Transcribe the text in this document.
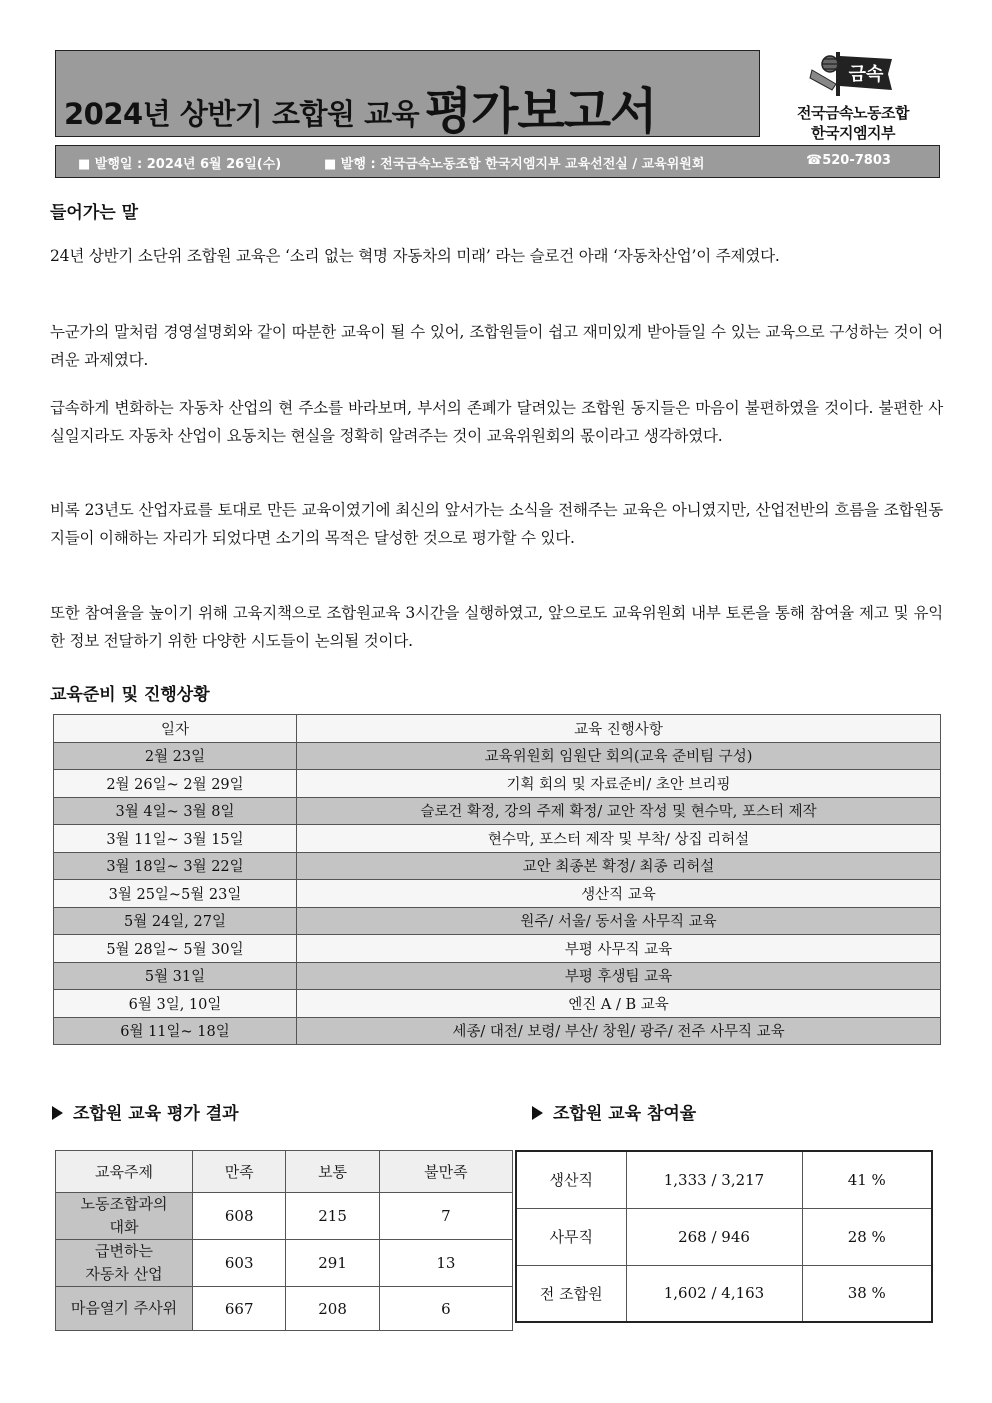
2024년 상반기 조합원 교육 평가보고서
금속
전국금속노동조합
한국지엠지부
■ 발행일 : 2024년 6월 26일(수)	■ 발행 : 전국금속노동조합 한국지엠지부 교육선전실 / 교육위원회	☎520-7803
들어가는 말

24년 상반기 소단위 조합원 교육은 ‘소리 없는 혁명 자동차의 미래’ 라는 슬로건 아래 ‘자동차산업’이 주제였다.

누군가의 말처럼 경영설명회와 같이 따분한 교육이 될 수 있어, 조합원들이 쉽고 재미있게 받아들일 수 있는 교육으로 구성하는 것이 어려운 과제였다.

급속하게 변화하는 자동차 산업의 현 주소를 바라보며, 부서의 존폐가 달려있는 조합원 동지들은 마음이 불편하였을 것이다. 불편한 사실일지라도 자동차 산업이 요동치는 현실을 정확히 알려주는 것이 교육위원회의 몫이라고 생각하였다.

비록 23년도 산업자료를 토대로 만든 교육이였기에 최신의 앞서가는 소식을 전해주는 교육은 아니였지만, 산업전반의 흐름을 조합원동지들이 이해하는 자리가 되었다면 소기의 목적은 달성한 것으로 평가할 수 있다.

또한 참여율을 높이기 위해 고육지책으로 조합원교육 3시간을 실행하였고, 앞으로도 교육위원회 내부 토론을 통해 참여율 제고 및 유익한 정보 전달하기 위한 다양한 시도들이 논의될 것이다.

교육준비 및 진행상황
일자	교육 진행사항
2월 23일	교육위원회 임원단 회의(교육 준비팀 구성)
2월 26일~ 2월 29일	기획 회의 및 자료준비/ 초안 브리핑
3월 4일~ 3월 8일	슬로건 확정, 강의 주제 확정/ 교안 작성 및 현수막, 포스터 제작
3월 11일~ 3월 15일	현수막, 포스터 제작 및 부착/ 상집 리허설
3월 18일~ 3월 22일	교안 최종본 확정/ 최종 리허설
3월 25일~5월 23일	생산직 교육
5월 24일, 27일	원주/ 서울/ 동서울 사무직 교육
5월 28일~ 5월 30일	부평 사무직 교육
5월 31일	부평 후생팀 교육
6월 3일, 10일	엔진 A / B 교육
6월 11일~ 18일	세종/ 대전/ 보령/ 부산/ 창원/ 광주/ 전주 사무직 교육
조합원 교육 평가 결과
교육주제	만족	보통	불만족
노동조합과의
대화	608	215	7
급변하는
자동차 산업	603	291	13
마음열기 주사위	667	208	6
조합원 교육 참여율
생산직	1,333 / 3,217	41 %
사무직	268 / 946	28 %
전 조합원	1,602 / 4,163	38 %
